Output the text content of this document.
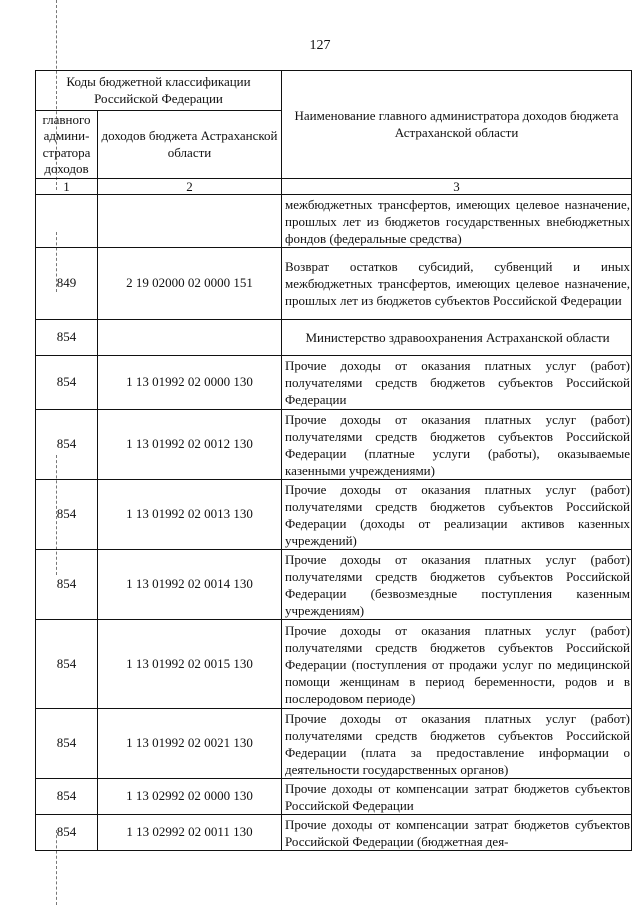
127
Коды бюджетной классификации Российской Федерации		Наименование главного администратора доходов бюджета Астраханской области
главного админи-стратора доходов	доходов бюджета Астраханской области	
1	2	3
		межбюджетных трансфертов, имеющих целевое назначение, прошлых лет из бюджетов государственных внебюджетных фондов (федеральные средства)
849	2 19 02000 02 0000 151	Возврат остатков субсидий, субвенций и иных межбюджетных трансфертов, имеющих целевое назначение, прошлых лет из бюджетов субъектов Российской Федерации
854		Министерство здравоохранения Астраханской области
854	1 13 01992 02 0000 130	Прочие доходы от оказания платных услуг (работ) получателями средств бюджетов субъектов Российской Федерации
854	1 13 01992 02 0012 130	Прочие доходы от оказания платных услуг (работ) получателями средств бюджетов субъектов Российской Федерации (платные услуги (работы), оказываемые казенными учреждениями)
854	1 13 01992 02 0013 130	Прочие доходы от оказания платных услуг (работ) получателями средств бюджетов субъектов Российской Федерации (доходы от реализации активов казенных учреждений)
854	1 13 01992 02 0014 130	Прочие доходы от оказания платных услуг (работ) получателями средств бюджетов субъектов Российской Федерации (безвозмездные поступления казенным учреждениям)
854	1 13 01992 02 0015 130	Прочие доходы от оказания платных услуг (работ) получателями средств бюджетов субъектов Российской Федерации (поступления от продажи услуг по медицинской помощи женщинам в период беременности, родов и в послеродовом периоде)
854	1 13 01992 02 0021 130	Прочие доходы от оказания платных услуг (работ) получателями средств бюджетов субъектов Российской Федерации (плата за предоставление информации о деятельности государственных органов)
854	1 13 02992 02 0000 130	Прочие доходы от компенсации затрат бюджетов субъектов Российской Федерации
854	1 13 02992 02 0011 130	Прочие доходы от компенсации затрат бюджетов субъектов Российской Федерации (бюджетная дея-
